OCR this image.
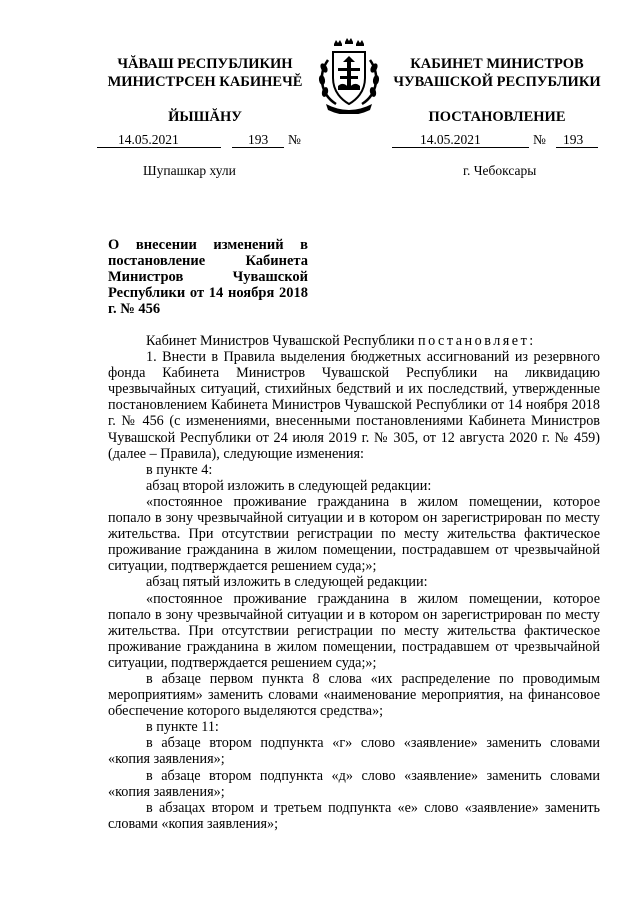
ЧĂВАШ РЕСПУБЛИКИН
МИНИСТРСЕН КАБИНЕЧĔ
ЙЫШĂНУ
КАБИНЕТ МИНИСТРОВ
ЧУВАШСКОЙ РЕСПУБЛИКИ
ПОСТАНОВЛЕНИЕ
14.05.2021	193 №	14.05.2021	№ 193
Шупашкар хули	г. Чебоксары
О внесении изменений в постановление Кабинета Министров Чувашской Республики от 14 ноября 2018 г. № 456

Кабинет Министров Чувашской Республики постановляет:

1. Внести в Правила выделения бюджетных ассигнований из резервного фонда Кабинета Министров Чувашской Республики на ликвидацию чрезвычайных ситуаций, стихийных бедствий и их последствий, утвержденные постановлением Кабинета Министров Чувашской Республики от 14 ноября 2018 г. № 456 (с изменениями, внесенными постановлениями Кабинета Министров Чувашской Республики от 24 июля 2019 г. № 305, от 12 августа 2020 г. № 459) (далее – Правила), следующие изменения:

в пункте 4:

абзац второй изложить в следующей редакции:

«постоянное проживание гражданина в жилом помещении, которое попало в зону чрезвычайной ситуации и в котором он зарегистрирован по месту жительства. При отсутствии регистрации по месту жительства фактическое проживание гражданина в жилом помещении, пострадавшем от чрезвычайной ситуации, подтверждается решением суда;»;

абзац пятый изложить в следующей редакции:

«постоянное проживание гражданина в жилом помещении, которое попало в зону чрезвычайной ситуации и в котором он зарегистрирован по месту жительства. При отсутствии регистрации по месту жительства фактическое проживание гражданина в жилом помещении, пострадавшем от чрезвычайной ситуации, подтверждается решением суда;»;

в абзаце первом пункта 8 слова «их распределение по проводимым мероприятиям» заменить словами «наименование мероприятия, на финансовое обеспечение которого выделяются средства»;

в пункте 11:

в абзаце втором подпункта «г» слово «заявление» заменить словами «копия заявления»;

в абзаце втором подпункта «д» слово «заявление» заменить словами «копия заявления»;

в абзацах втором и третьем подпункта «е» слово «заявление» заменить словами «копия заявления»;
